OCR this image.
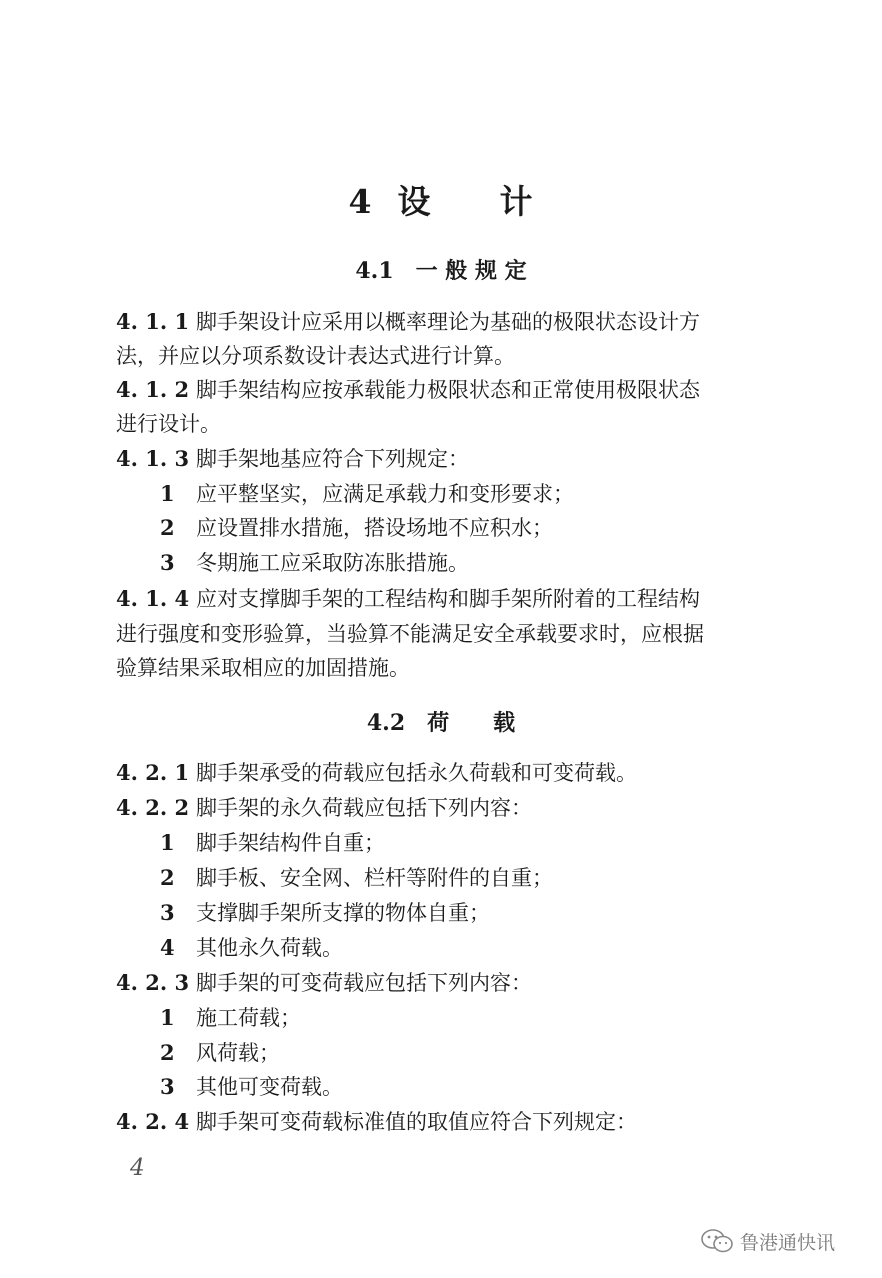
4 设　　计
4.1　一 般 规 定
4. 1. 1 脚手架设计应采用以概率理论为基础的极限状态设计方
法，并应以分项系数设计表达式进行计算。
4. 1. 2 脚手架结构应按承载能力极限状态和正常使用极限状态
进行设计。
4. 1. 3 脚手架地基应符合下列规定：
1 应平整坚实，应满足承载力和变形要求；
2 应设置排水措施，搭设场地不应积水；
3 冬期施工应采取防冻胀措施。
4. 1. 4 应对支撑脚手架的工程结构和脚手架所附着的工程结构
进行强度和变形验算，当验算不能满足安全承载要求时，应根据
验算结果采取相应的加固措施。
4.2　荷　　载
4. 2. 1 脚手架承受的荷载应包括永久荷载和可变荷载。
4. 2. 2 脚手架的永久荷载应包括下列内容：
1 脚手架结构件自重；
2 脚手板、安全网、栏杆等附件的自重；
3 支撑脚手架所支撑的物体自重；
4 其他永久荷载。
4. 2. 3 脚手架的可变荷载应包括下列内容：
1 施工荷载；
2 风荷载；
3 其他可变荷载。
4. 2. 4 脚手架可变荷载标准值的取值应符合下列规定：
4
鲁港通快讯
